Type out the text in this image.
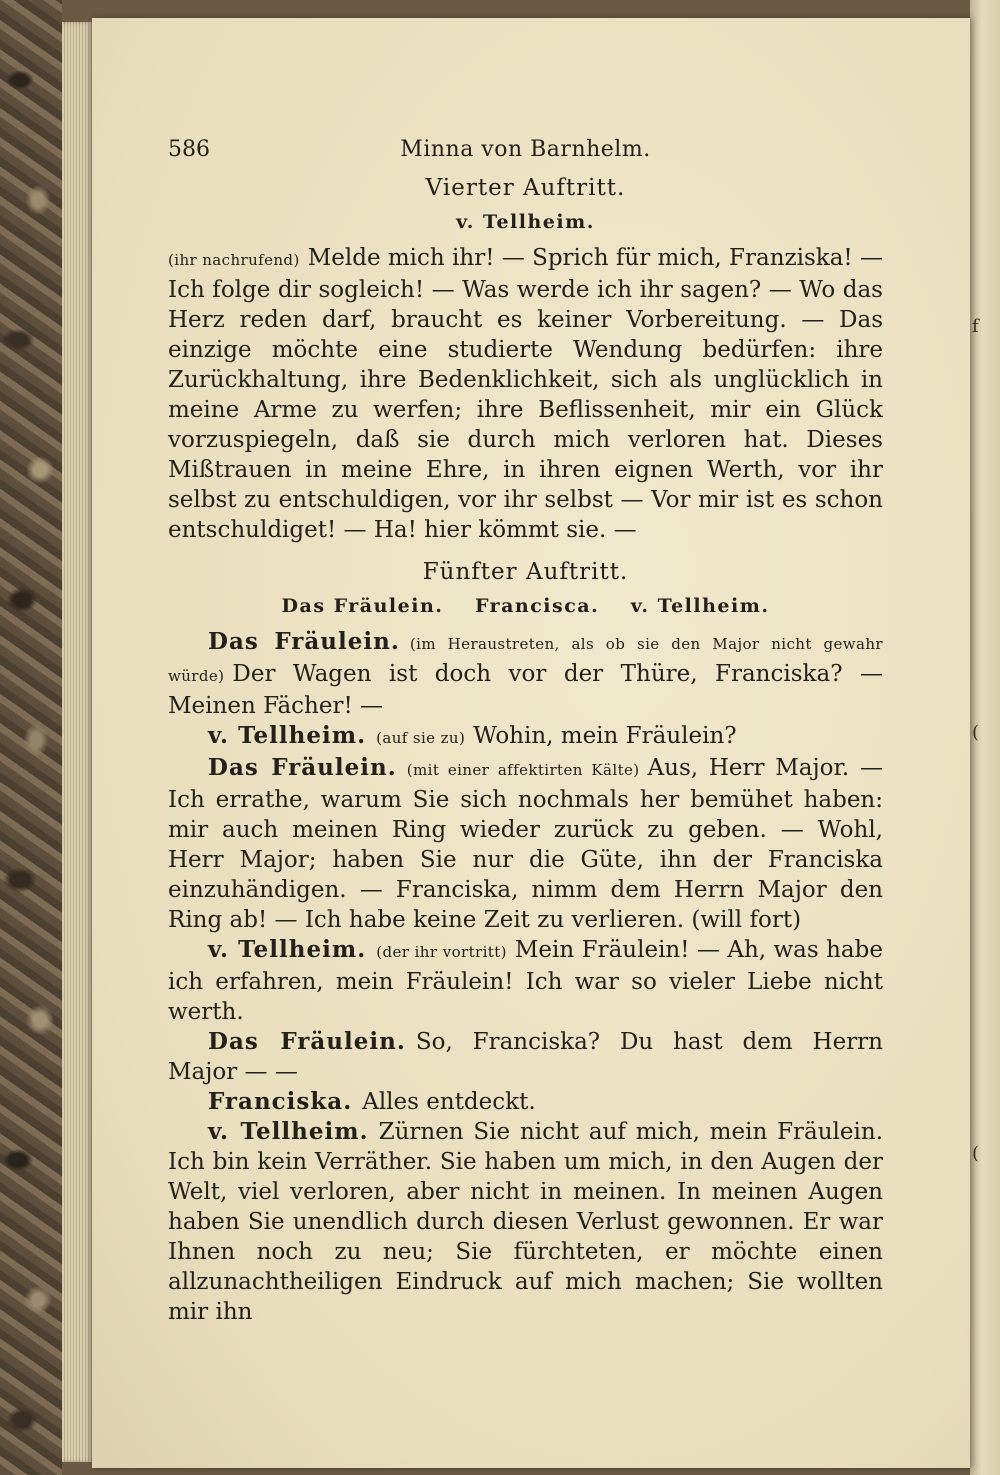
f
(
(
586	Minna von Barnhelm.
Vierter Auftritt.
v. Tellheim.

(ihr nachrufend) Melde mich ihr! — Sprich für mich, Franziska! — Ich folge dir sogleich! — Was werde ich ihr sagen? — Wo das Herz reden darf, braucht es keiner Vorbereitung. — Das einzige möchte eine studierte Wendung bedürfen: ihre Zurückhaltung, ihre Bedenklichkeit, sich als unglücklich in meine Arme zu werfen; ihre Beflissenheit, mir ein Glück vorzuspiegeln, daß sie durch mich verloren hat. Dieses Mißtrauen in meine Ehre, in ihren eignen Werth, vor ihr selbst zu entschuldigen, vor ihr selbst — Vor mir ist es schon entschuldiget! — Ha! hier kömmt sie. —

Fünfter Auftritt.
Das Fräulein. Francisca. v. Tellheim.

Das Fräulein. (im Heraustreten, als ob sie den Major nicht gewahr würde) Der Wagen ist doch vor der Thüre, Franciska? — Meinen Fächer! —

v. Tellheim. (auf sie zu) Wohin, mein Fräulein?

Das Fräulein. (mit einer affektirten Kälte) Aus, Herr Major. — Ich errathe, warum Sie sich nochmals her bemühet haben: mir auch meinen Ring wieder zurück zu geben. — Wohl, Herr Major; haben Sie nur die Güte, ihn der Franciska einzuhändigen. — Franciska, nimm dem Herrn Major den Ring ab! — Ich habe keine Zeit zu verlieren. (will fort)

v. Tellheim. (der ihr vortritt) Mein Fräulein! — Ah, was habe ich erfahren, mein Fräulein! Ich war so vieler Liebe nicht werth.

Das Fräulein. So, Franciska? Du hast dem Herrn Major — —

Franciska. Alles entdeckt.

v. Tellheim. Zürnen Sie nicht auf mich, mein Fräulein. Ich bin kein Verräther. Sie haben um mich, in den Augen der Welt, viel verloren, aber nicht in meinen. In meinen Augen haben Sie unendlich durch diesen Verlust gewonnen. Er war Ihnen noch zu neu; Sie fürchteten, er möchte einen allzunachtheiligen Eindruck auf mich machen; Sie wollten mir ihn
